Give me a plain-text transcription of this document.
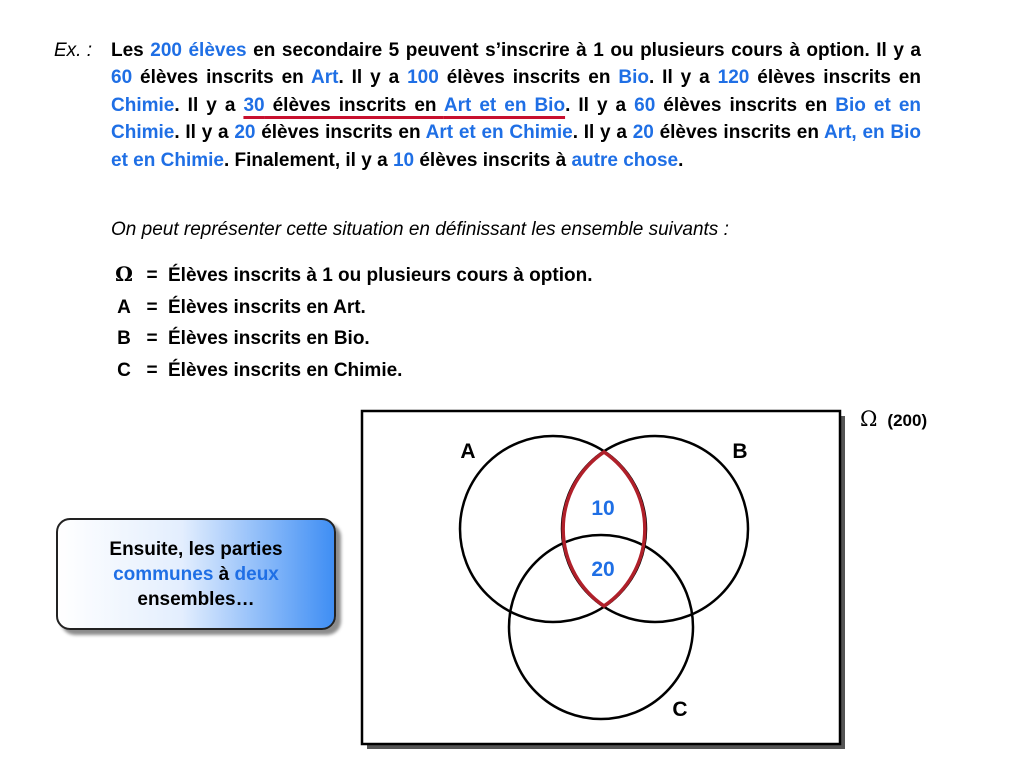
Ex. : Les 200 élèves en secondaire 5 peuvent s’inscrire à 1 ou plusieurs cours à option. Il y a 60 élèves inscrits en Art. Il y a 100 élèves inscrits en Bio. Il y a 120 élèves inscrits en Chimie. Il y a 30 élèves inscrits en Art et en Bio. Il y a 60 élèves inscrits en Bio et en Chimie. Il y a 20 élèves inscrits en Art et en Chimie. Il y a 20 élèves inscrits en Art, en Bio et en Chimie. Finalement, il y a 10 élèves inscrits à autre chose.
On peut représenter cette situation en définissant les ensemble suivants :
Ω = Élèves inscrits à 1 ou plusieurs cours à option.
A = Élèves inscrits en Art.
B = Élèves inscrits en Bio.
C = Élèves inscrits en Chimie.
Ω (200)
A	B
C
10
20
Ensuite, les parties
communes à deux
ensembles…
